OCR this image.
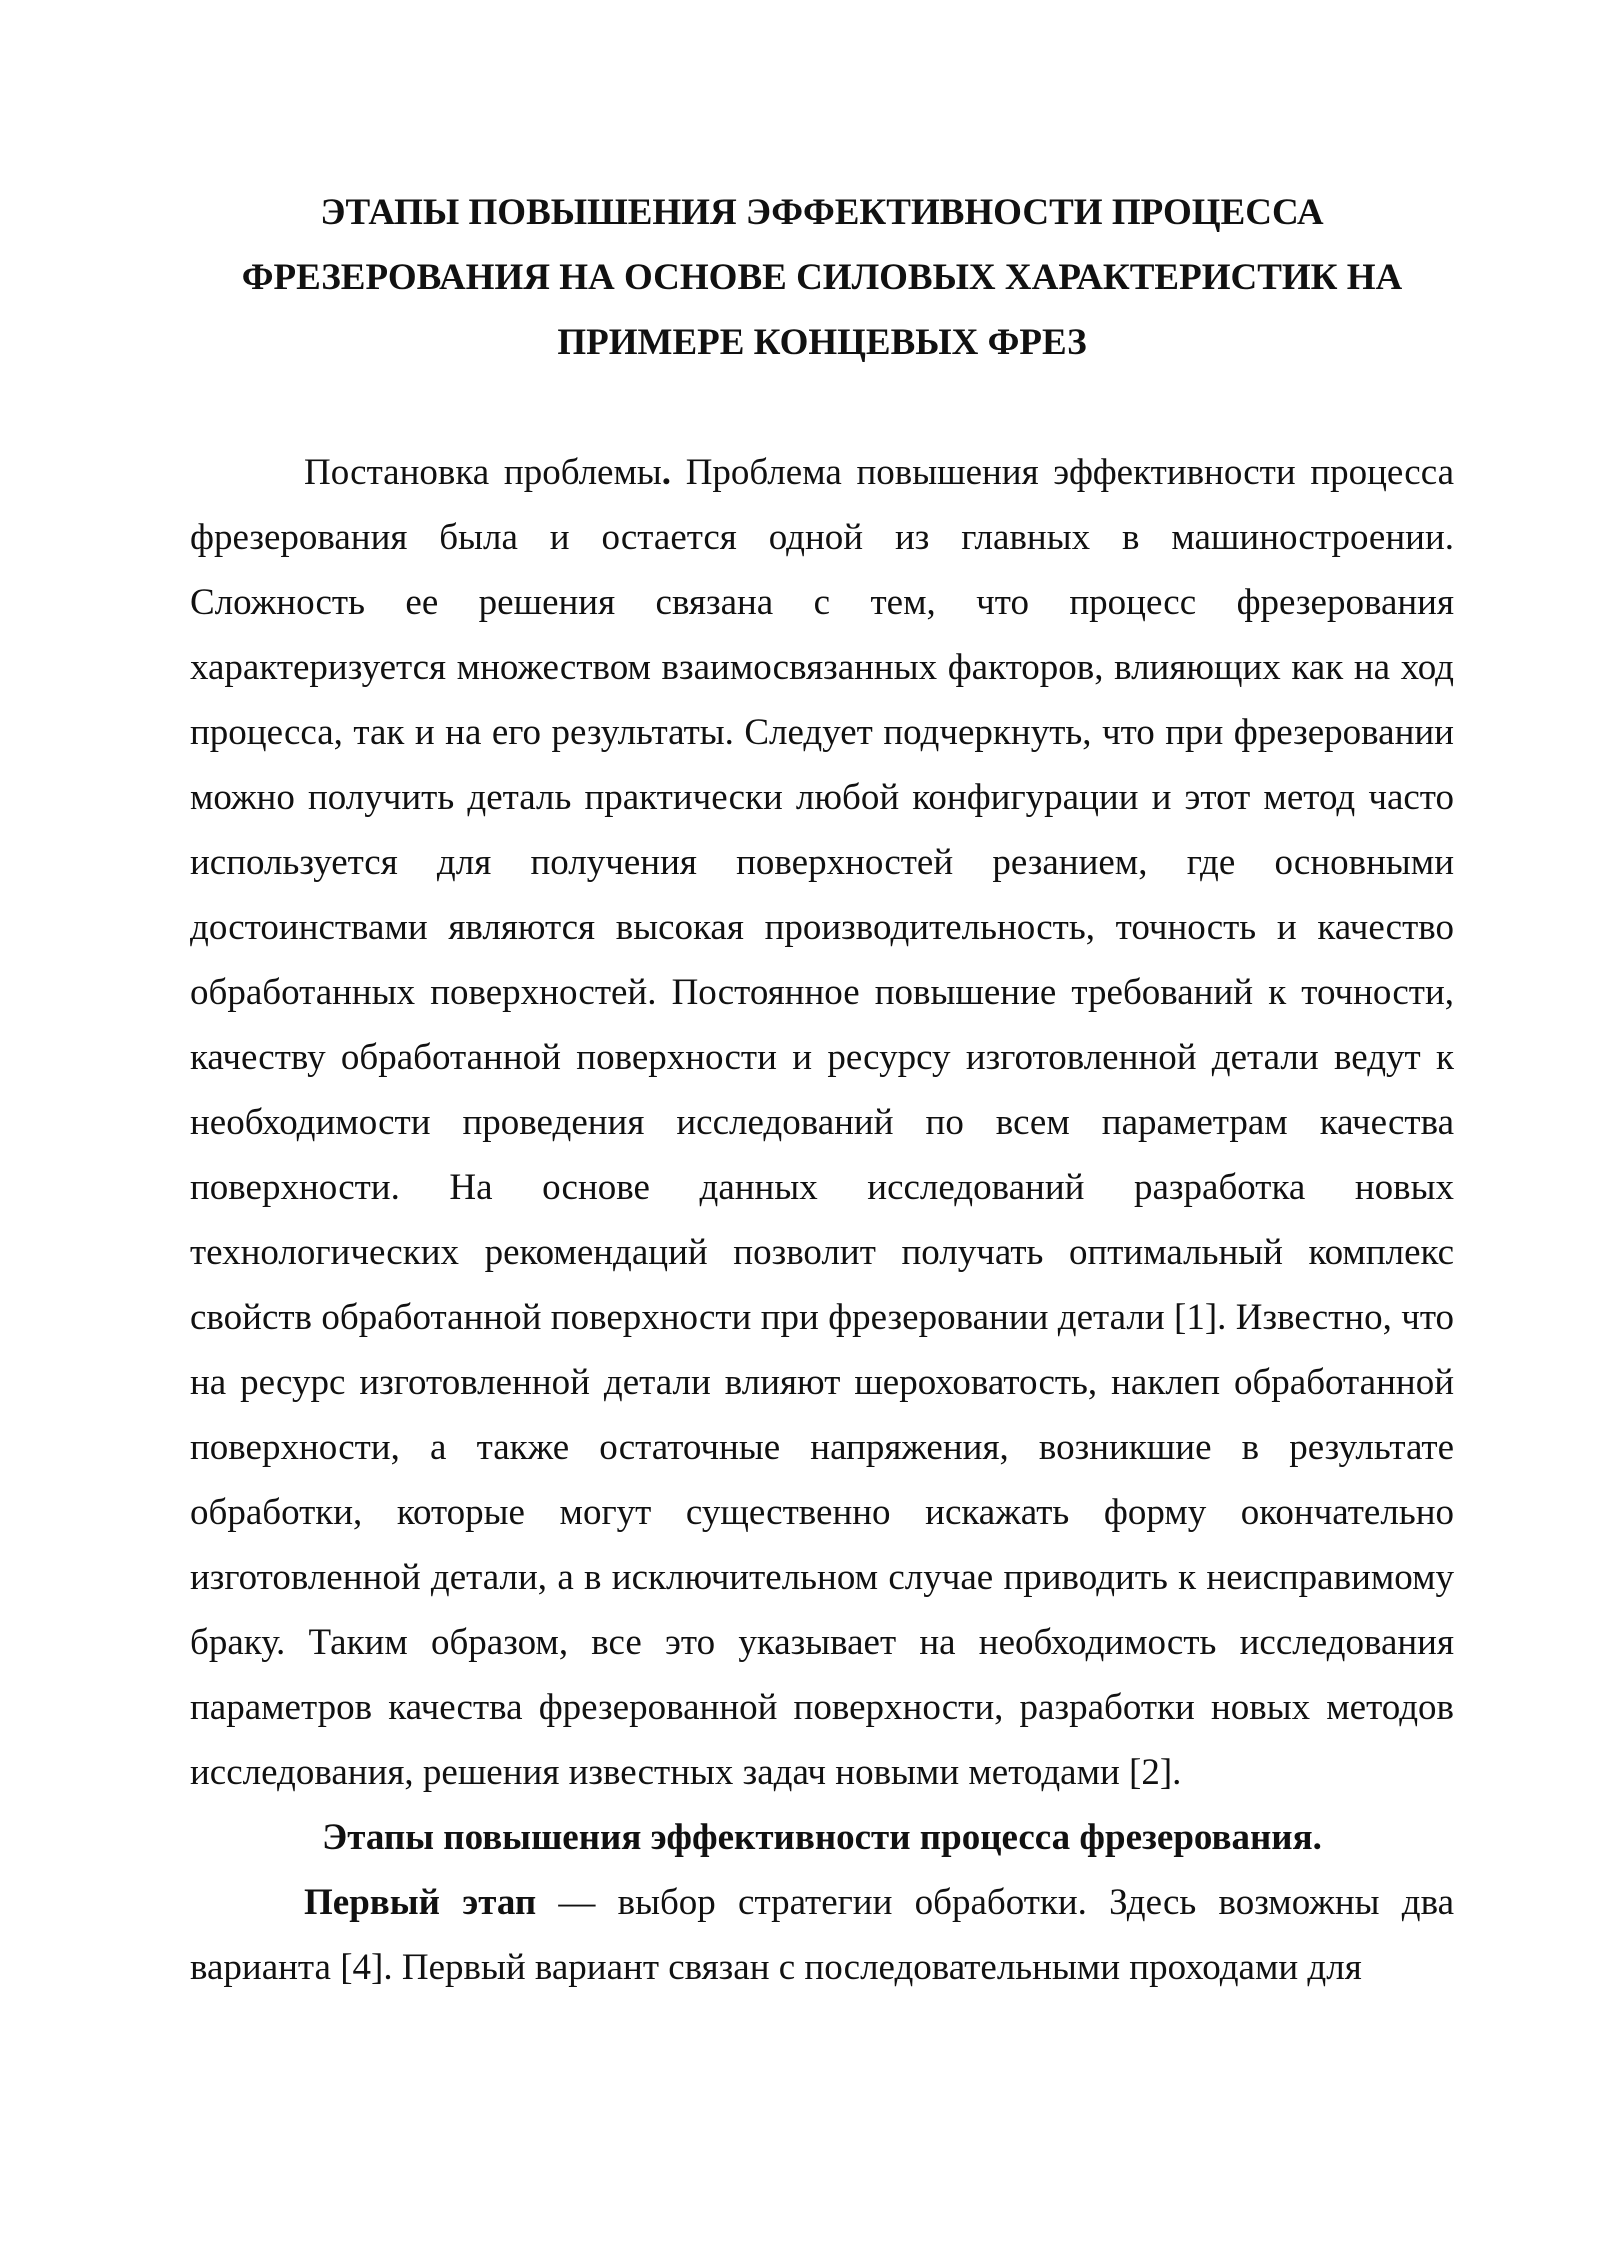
ЭТАПЫ ПОВЫШЕНИЯ ЭФФЕКТИВНОСТИ ПРОЦЕССА
ФРЕЗЕРОВАНИЯ НА ОСНОВЕ СИЛОВЫХ ХАРАКТЕРИСТИК НА
ПРИМЕРЕ КОНЦЕВЫХ ФРЕЗ

Постановка проблемы. Проблема повышения эффективности процесса фрезерования была и остается одной из главных в машиностроении. Сложность ее решения связана с тем, что процесс фрезерования характеризуется множеством взаимосвязанных факторов, влияющих как на ход процесса, так и на его результаты. Следует подчеркнуть, что при фрезеровании можно получить деталь практически любой конфигурации и этот метод часто используется для получения поверхностей резанием, где основными достоинствами являются высокая производительность, точность и качество обработанных поверхностей. Постоянное повышение требований к точности, качеству обработанной поверхности и ресурсу изготовленной детали ведут к необходимости проведения исследований по всем параметрам качества поверхности. На основе данных исследований разработка новых технологических рекомендаций позволит получать оптимальный комплекс свойств обработанной поверхности при фрезеровании детали [1]. Известно, что на ресурс изготовленной детали влияют шероховатость, наклеп обработанной поверхности, а также остаточные напряжения, возникшие в результате обработки, которые могут существенно искажать форму окончательно изготовленной детали, а в исключительном случае приводить к неисправимому браку. Таким образом, все это указывает на необходимость исследования параметров качества фрезерованной поверхности, разработки новых методов исследования, решения известных задач новыми методами [2].

Этапы повышения эффективности процесса фрезерования.

Первый этап — выбор стратегии обработки. Здесь возможны два варианта [4]. Первый вариант связан с последовательными проходами для
